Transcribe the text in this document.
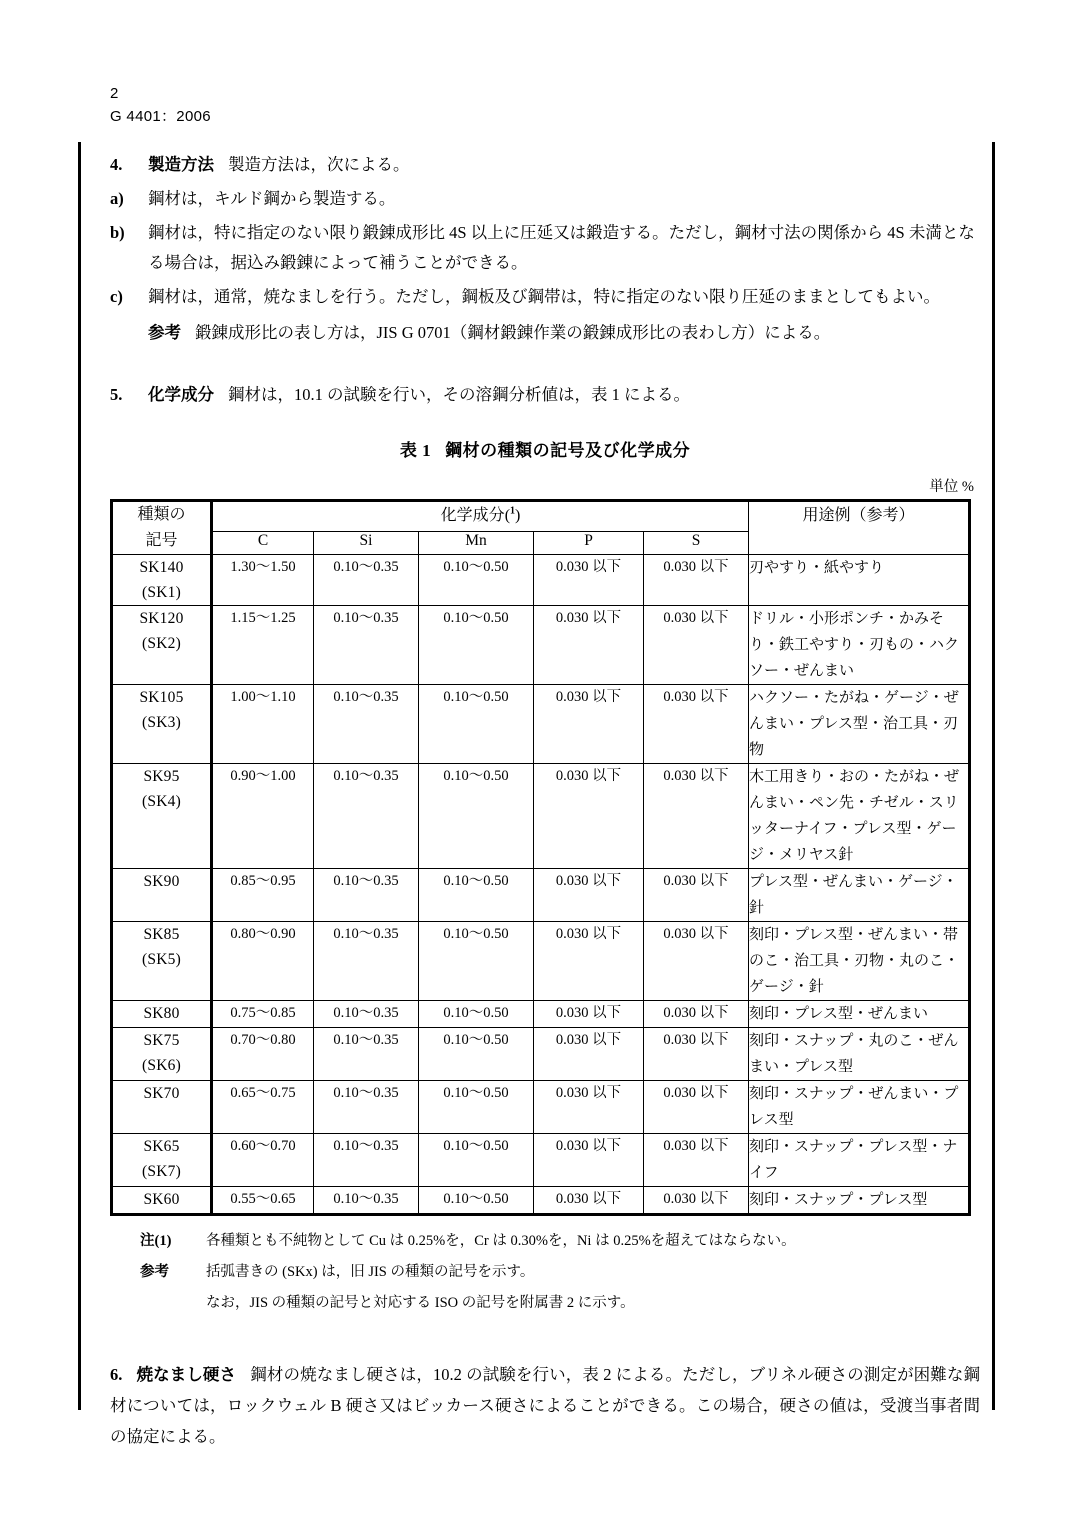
2
G 4401：2006
4.	製造方法 製造方法は，次による。
a)	鋼材は，キルド鋼から製造する。
b)	鋼材は，特に指定のない限り鍛錬成形比 4S 以上に圧延又は鍛造する。ただし，鋼材寸法の関係から 4S 未満となる場合は，据込み鍛錬によって補うことができる。
c)	鋼材は，通常，焼なましを行う。ただし，鋼板及び鋼帯は，特に指定のない限り圧延のままとしてもよい。
参考 鍛錬成形比の表し方は，JIS G 0701（鋼材鍛錬作業の鍛錬成形比の表わし方）による。
5.	化学成分 鋼材は，10.1 の試験を行い，その溶鋼分析値は，表 1 による。
表 1 鋼材の種類の記号及び化学成分
単位 %
種類の
記号	化学成分($^1$)					用途例（参考）
	C	Si	Mn	P	S	
SK140
(SK1)	1.30～1.50	0.10～0.35	0.10～0.50	0.030 以下	0.030 以下	刃やすり・紙やすり
SK120
(SK2)	1.15～1.25	0.10～0.35	0.10～0.50	0.030 以下	0.030 以下	ドリル・小形ポンチ・かみそり・鉄工やすり・刃もの・ハクソー・ぜんまい
SK105
(SK3)	1.00～1.10	0.10～0.35	0.10～0.50	0.030 以下	0.030 以下	ハクソー・たがね・ゲージ・ぜんまい・プレス型・治工具・刃物
SK95
(SK4)	0.90～1.00	0.10～0.35	0.10～0.50	0.030 以下	0.030 以下	木工用きり・おの・たがね・ぜんまい・ペン先・チゼル・スリッターナイフ・プレス型・ゲージ・メリヤス針
SK90	0.85～0.95	0.10～0.35	0.10～0.50	0.030 以下	0.030 以下	プレス型・ぜんまい・ゲージ・針
SK85
(SK5)	0.80～0.90	0.10～0.35	0.10～0.50	0.030 以下	0.030 以下	刻印・プレス型・ぜんまい・帯のこ・治工具・刃物・丸のこ・ゲージ・針
SK80	0.75～0.85	0.10～0.35	0.10～0.50	0.030 以下	0.030 以下	刻印・プレス型・ぜんまい
SK75
(SK6)	0.70～0.80	0.10～0.35	0.10～0.50	0.030 以下	0.030 以下	刻印・スナップ・丸のこ・ぜんまい・プレス型
SK70	0.65～0.75	0.10～0.35	0.10～0.50	0.030 以下	0.030 以下	刻印・スナップ・ぜんまい・プレス型
SK65
(SK7)	0.60～0.70	0.10～0.35	0.10～0.50	0.030 以下	0.030 以下	刻印・スナップ・プレス型・ナイフ
SK60	0.55～0.65	0.10～0.35	0.10～0.50	0.030 以下	0.030 以下	刻印・スナップ・プレス型
注(1)	各種類とも不純物として Cu は 0.25%を，Cr は 0.30%を，Ni は 0.25%を超えてはならない。
参考	括弧書きの (SKx) は，旧 JIS の種類の記号を示す。
なお，JIS の種類の記号と対応する ISO の記号を附属書 2 に示す。
6. 焼なまし硬さ 鋼材の焼なまし硬さは，10.2 の試験を行い，表 2 による。ただし，ブリネル硬さの測定が困難な鋼材については，ロックウェル B 硬さ又はビッカース硬さによることができる。この場合，硬さの値は，受渡当事者間の協定による。
